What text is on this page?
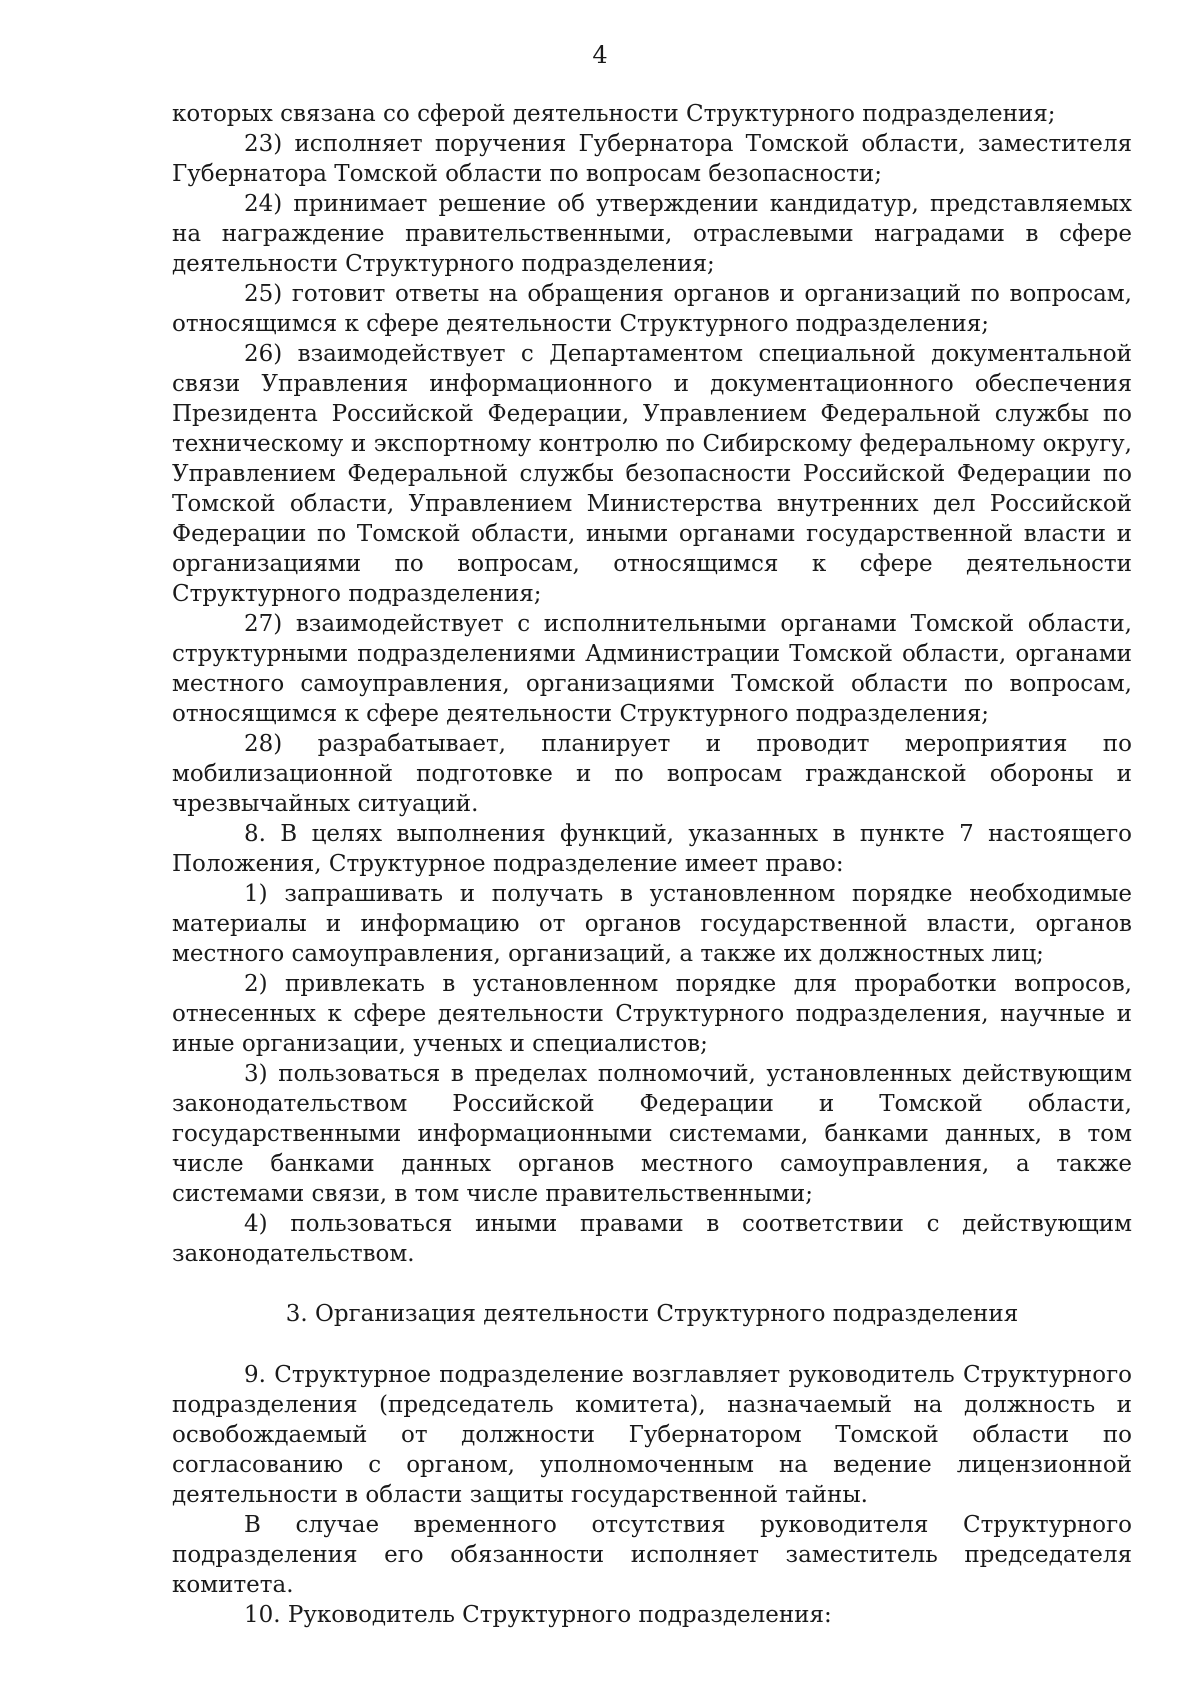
4

которых связана со сферой деятельности Структурного подразделения;

23) исполняет поручения Губернатора Томской области, заместителя Губернатора Томской области по вопросам безопасности;

24) принимает решение об утверждении кандидатур, представляемых на награждение правительственными, отраслевыми наградами в сфере деятельности Структурного подразделения;

25) готовит ответы на обращения органов и организаций по вопросам, относящимся к сфере деятельности Структурного подразделения;

26) взаимодействует с Департаментом специальной документальной связи Управления информационного и документационного обеспечения Президента Российской Федерации, Управлением Федеральной службы по техническому и экспортному контролю по Сибирскому федеральному округу, Управлением Федеральной службы безопасности Российской Федерации по Томской области, Управлением Министерства внутренних дел Российской Федерации по Томской области, иными органами государственной власти и организациями по вопросам, относящимся к сфере деятельности Структурного подразделения;

27) взаимодействует с исполнительными органами Томской области, структурными подразделениями Администрации Томской области, органами местного самоуправления, организациями Томской области по вопросам, относящимся к сфере деятельности Структурного подразделения;

28) разрабатывает, планирует и проводит мероприятия по мобилизационной подготовке и по вопросам гражданской обороны и чрезвычайных ситуаций.

8. В целях выполнения функций, указанных в пункте 7 настоящего Положения, Структурное подразделение имеет право:

1) запрашивать и получать в установленном порядке необходимые материалы и информацию от органов государственной власти, органов местного самоуправления, организаций, а также их должностных лиц;

2) привлекать в установленном порядке для проработки вопросов, отнесенных к сфере деятельности Структурного подразделения, научные и иные организации, ученых и специалистов;

3) пользоваться в пределах полномочий, установленных действующим законодательством Российской Федерации и Томской области, государственными информационными системами, банками данных, в том числе банками данных органов местного самоуправления, а также системами связи, в том числе правительственными;

4) пользоваться иными правами в соответствии с действующим законодательством.

3. Организация деятельности Структурного подразделения

9. Структурное подразделение возглавляет руководитель Структурного подразделения (председатель комитета), назначаемый на должность и освобождаемый от должности Губернатором Томской области по согласованию с органом, уполномоченным на ведение лицензионной деятельности в области защиты государственной тайны.

В случае временного отсутствия руководителя Структурного подразделения его обязанности исполняет заместитель председателя комитета.

10. Руководитель Структурного подразделения:
